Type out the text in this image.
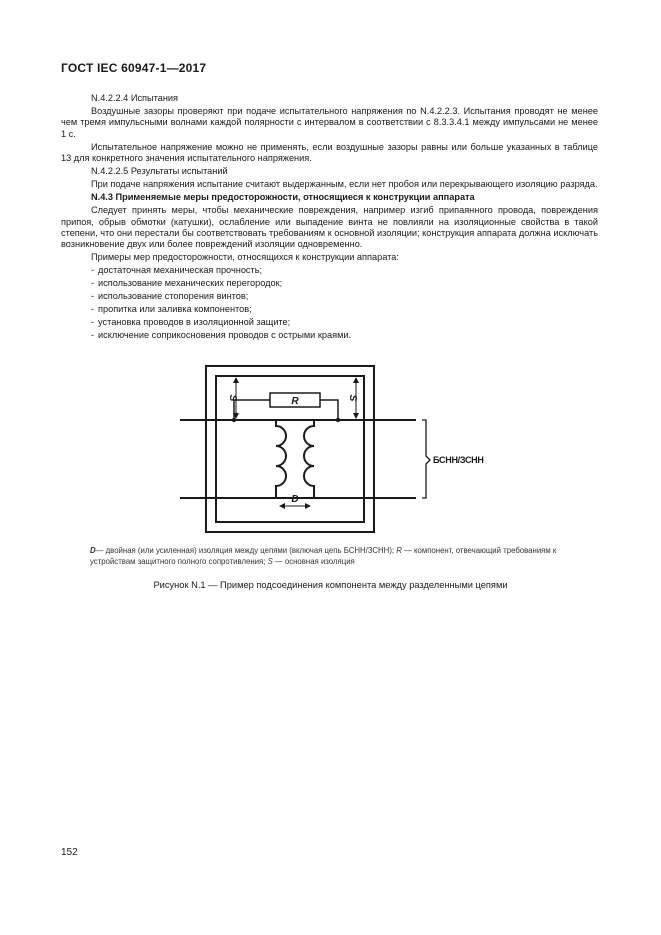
ГОСТ IEC 60947-1—2017

N.4.2.2.4 Испытания

Воздушные зазоры проверяют при подаче испытательного напряжения по N.4.2.2.3. Испытания проводят не менее чем тремя импульсными волнами каждой полярности с интервалом в соответствии с 8.3.3.4.1 между импульсами не менее 1 с.

Испытательное напряжение можно не применять, если воздушные зазоры равны или больше указанных в таблице 13 для конкретного значения испытательного напряжения.

N.4.2.2.5 Результаты испытаний

При подаче напряжения испытание считают выдержанным, если нет пробоя или перекрывающего изоляцию разряда.

N.4.3 Применяемые меры предосторожности, относящиеся к конструкции аппарата

Следует принять меры, чтобы механические повреждения, например изгиб припаянного провода, повреждения припоя, обрыв обмотки (катушки), ослабление или выпадение винта не повлияли на изоляционные свойства в такой степени, что они перестали бы соответствовать требованиям к основной изоляции; конструкция аппарата должна исключать возникновение двух или более повреждений изоляции одновременно.

Примеры мер предосторожности, относящихся к конструкции аппарата:

- достаточная механическая прочность;

- использование механических перегородок;

- использование стопорения винтов;

- пропитка или заливка компонентов;

- установка проводов в изоляционной защите;

- исключение соприкосновения проводов с острыми краями.

R
S	S
D
БСНН/ЗСНН
D— двойная (или усиленная) изоляция между цепями (включая цепь БСНН/ЗСНН); R — компонент, отвечающий требованиям к устройствам защитного полного сопротивления; S — основная изоляция
Рисунок N.1 — Пример подсоединения компонента между разделенными цепями
152
